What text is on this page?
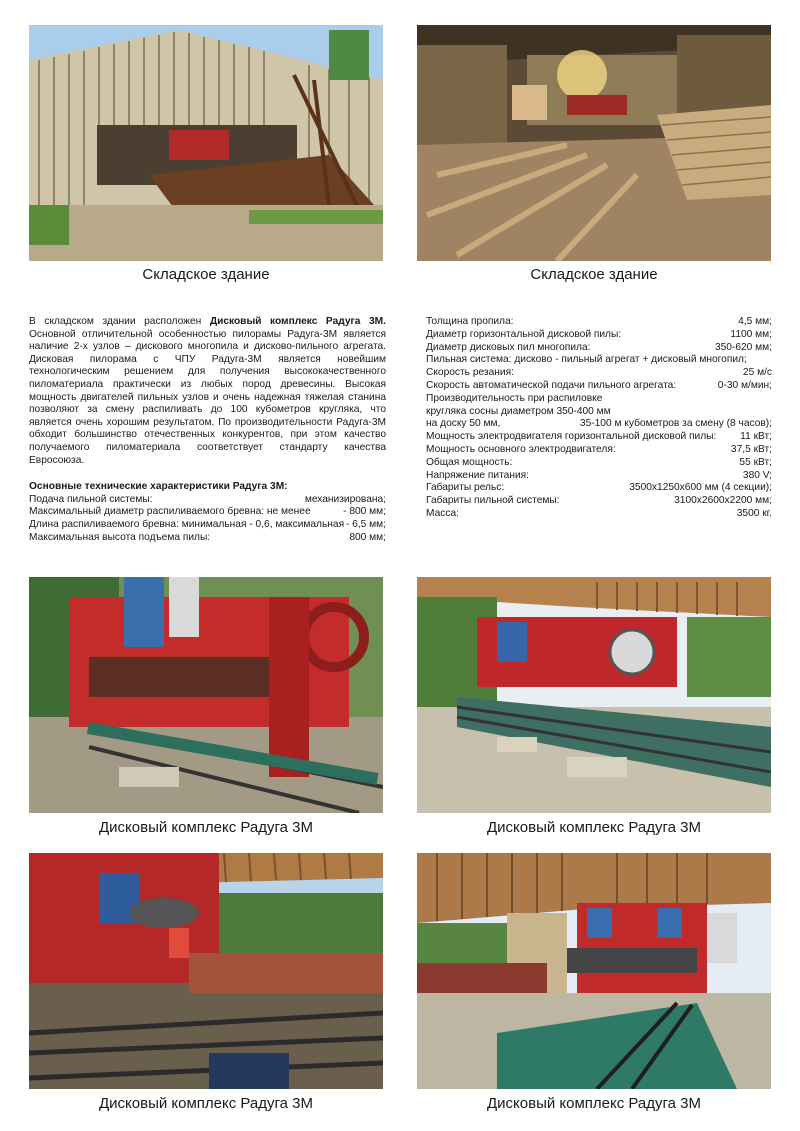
Складское здание	Складское здание

В складском здании расположен Дисковый комплекс Радуга 3М. Основной отличительной особенностью пилорамы Радуга-3М является наличие 2-х узлов – дискового многопила и дисково-пильного агрегата. Дисковая пилорама с ЧПУ Радуга-3М является новейшим технологическим решением для получения высококачественного пиломатериала практически из любых пород древесины. Высокая мощность двигателей пильных узлов и очень надежная тяжелая станина позволяют за смену распиливать до 100 кубометров кругляка, что является очень хорошим результатом. По производительности Радуга-3М обходит большинство отечественных конкурентов, при этом качество получаемого пиломатериала соответствует стандарту качества Евросоюза.

Основные технические характеристики Радуга 3М:

Подача пильной системы:	механизирована;
Максимальный диаметр распиливаемого бревна: не менее	- 800 мм;
Длина распиливаемого бревна: минимальная - 0,6, максимальная - 6,5 мм;
Максимальная высота подъема пилы:	800 мм;
Толщина пропила:	4,5 мм;
Диаметр горизонтальной дисковой пилы:	1100 мм;
Диаметр дисковых пил многопила:	350-620 мм;
Пильная система: дисково - пильный агрегат + дисковый многопил;
Скорость резания:	25 м/с
Скорость автоматической подачи пильного агрегата:	0-30 м/мин;
Производительность при распиловке
кругляка сосны диаметром 350-400 мм
на доску 50 мм,	35-100 м кубометров за смену (8 часов);
Мощность электродвигателя горизонтальной дисковой пилы: 11 кВт;
Мощность основного электродвигателя:	37,5 кВт;
Общая мощность:	55 кВт;
Напряжение питания:	380 V;
Габариты рельс:	3500х1250х600 мм (4 секции);
Габариты пильной системы:	3100х2600х2200 мм;
Масса:	3500 кг.
Дисковый комплекс Радуга 3М	Дисковый комплекс Радуга 3М
Дисковый комплекс Радуга 3М	Дисковый комплекс Радуга 3М
